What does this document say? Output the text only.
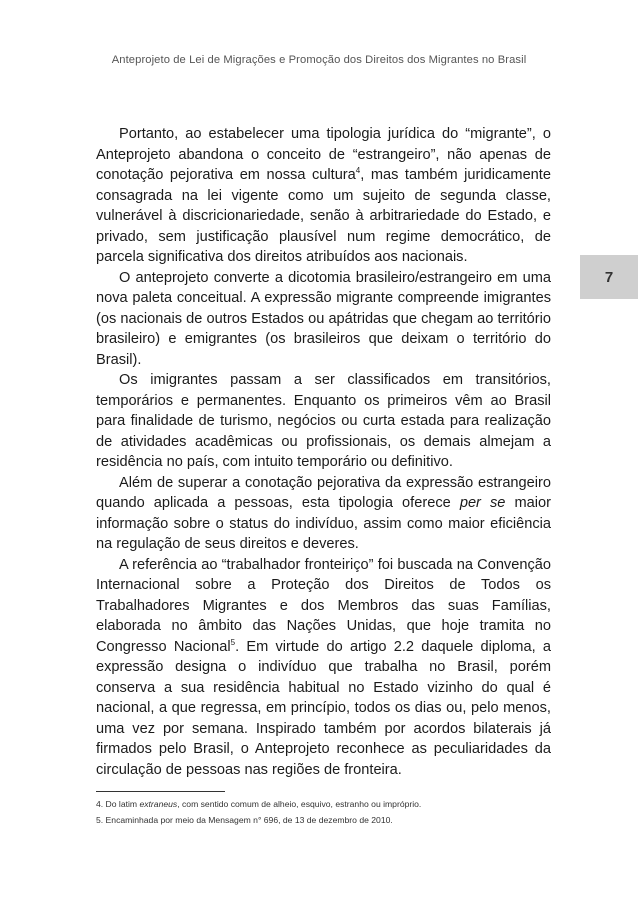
Anteprojeto de Lei de Migrações e Promoção dos Direitos dos Migrantes no Brasil
7

Portanto, ao estabelecer uma tipologia jurídica do “migrante”, o Anteprojeto abandona o conceito de “estrangeiro”, não apenas de conotação pejorativa em nossa cultura$^4$, mas também juridicamente consagrada na lei vigente como um sujeito de segunda classe, vulnerável à discricionariedade, senão à arbitrariedade do Estado, e privado, sem justificação plausível num regime democrático, de parcela significativa dos direitos atribuídos aos nacionais.

O anteprojeto converte a dicotomia brasileiro/estrangeiro em uma nova paleta conceitual. A expressão migrante compreende imigrantes (os nacionais de outros Estados ou apátridas que chegam ao território brasileiro) e emigrantes (os brasileiros que deixam o território do Brasil).

Os imigrantes passam a ser classificados em transitórios, temporários e permanentes. Enquanto os primeiros vêm ao Brasil para finalidade de turismo, negócios ou curta estada para realização de atividades acadêmicas ou profissionais, os demais almejam a residência no país, com intuito temporário ou definitivo.

Além de superar a conotação pejorativa da expressão estrangeiro quando aplicada a pessoas, esta tipologia oferece per se maior informação sobre o status do indivíduo, assim como maior eficiência na regulação de seus direitos e deveres.

A referência ao “trabalhador fronteiriço” foi buscada na Convenção Internacional sobre a Proteção dos Direitos de Todos os Trabalhadores Migrantes e dos Membros das suas Famílias, elaborada no âmbito das Nações Unidas, que hoje tramita no Congresso Nacional$^5$. Em virtude do artigo 2.2 daquele diploma, a expressão designa o indivíduo que trabalha no Brasil, porém conserva a sua residência habitual no Estado vizinho do qual é nacional, a que regressa, em princípio, todos os dias ou, pelo menos, uma vez por semana. Inspirado também por acordos bilaterais já firmados pelo Brasil, o Anteprojeto reconhece as peculiaridades da circulação de pessoas nas regiões de fronteira.

4. Do latim extraneus, com sentido comum de alheio, esquivo, estranho ou impróprio.
5. Encaminhada por meio da Mensagem n° 696, de 13 de dezembro de 2010.
